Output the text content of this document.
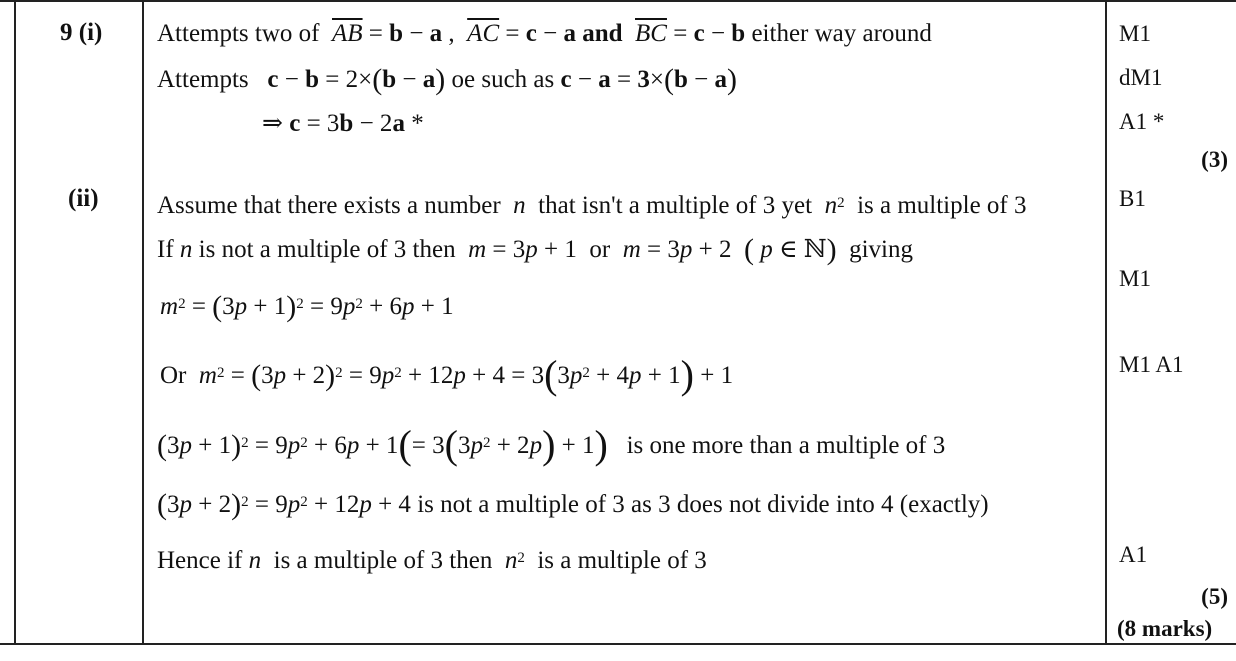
9 (i)
(ii)
Attempts two of $\overline{AB} = b - a$ ,  $\overline{AC} = c - a$ and $\overline{BC} = c - b$ either way around
Attempts c − b = 2×(b − a) oe such as c − a = 3×(b − a)
⇒ c = 3b − 2a *
Assume that there exists a number  n  that isn't a multiple of 3 yet $n^2$ is a multiple of 3
If n is not a multiple of 3 then m = 3p + 1  or m = 3p + 2  ( p ∈ ℕ) giving
$m^2 = (3p + 1)^2 = 9p^2 + 6p + 1$
Or $m^2 = (3p + 2)^2 = 9p^2 + 12p + 4 = 3(3p^2 + 4p + 1) + 1$
$(3p + 1)^2 = 9p^2 + 6p + 1(= 3(3p^2 + 2p) + 1)$ is one more than a multiple of 3
$(3p + 2)^2 = 9p^2 + 12p + 4$ is not a multiple of 3 as 3 does not divide into 4 (exactly)
Hence if n  is a multiple of 3 then $n^2$ is a multiple of 3
M1
dM1
A1 *
(3)
B1
M1
M1 A1
A1
(5)
(8 marks)
